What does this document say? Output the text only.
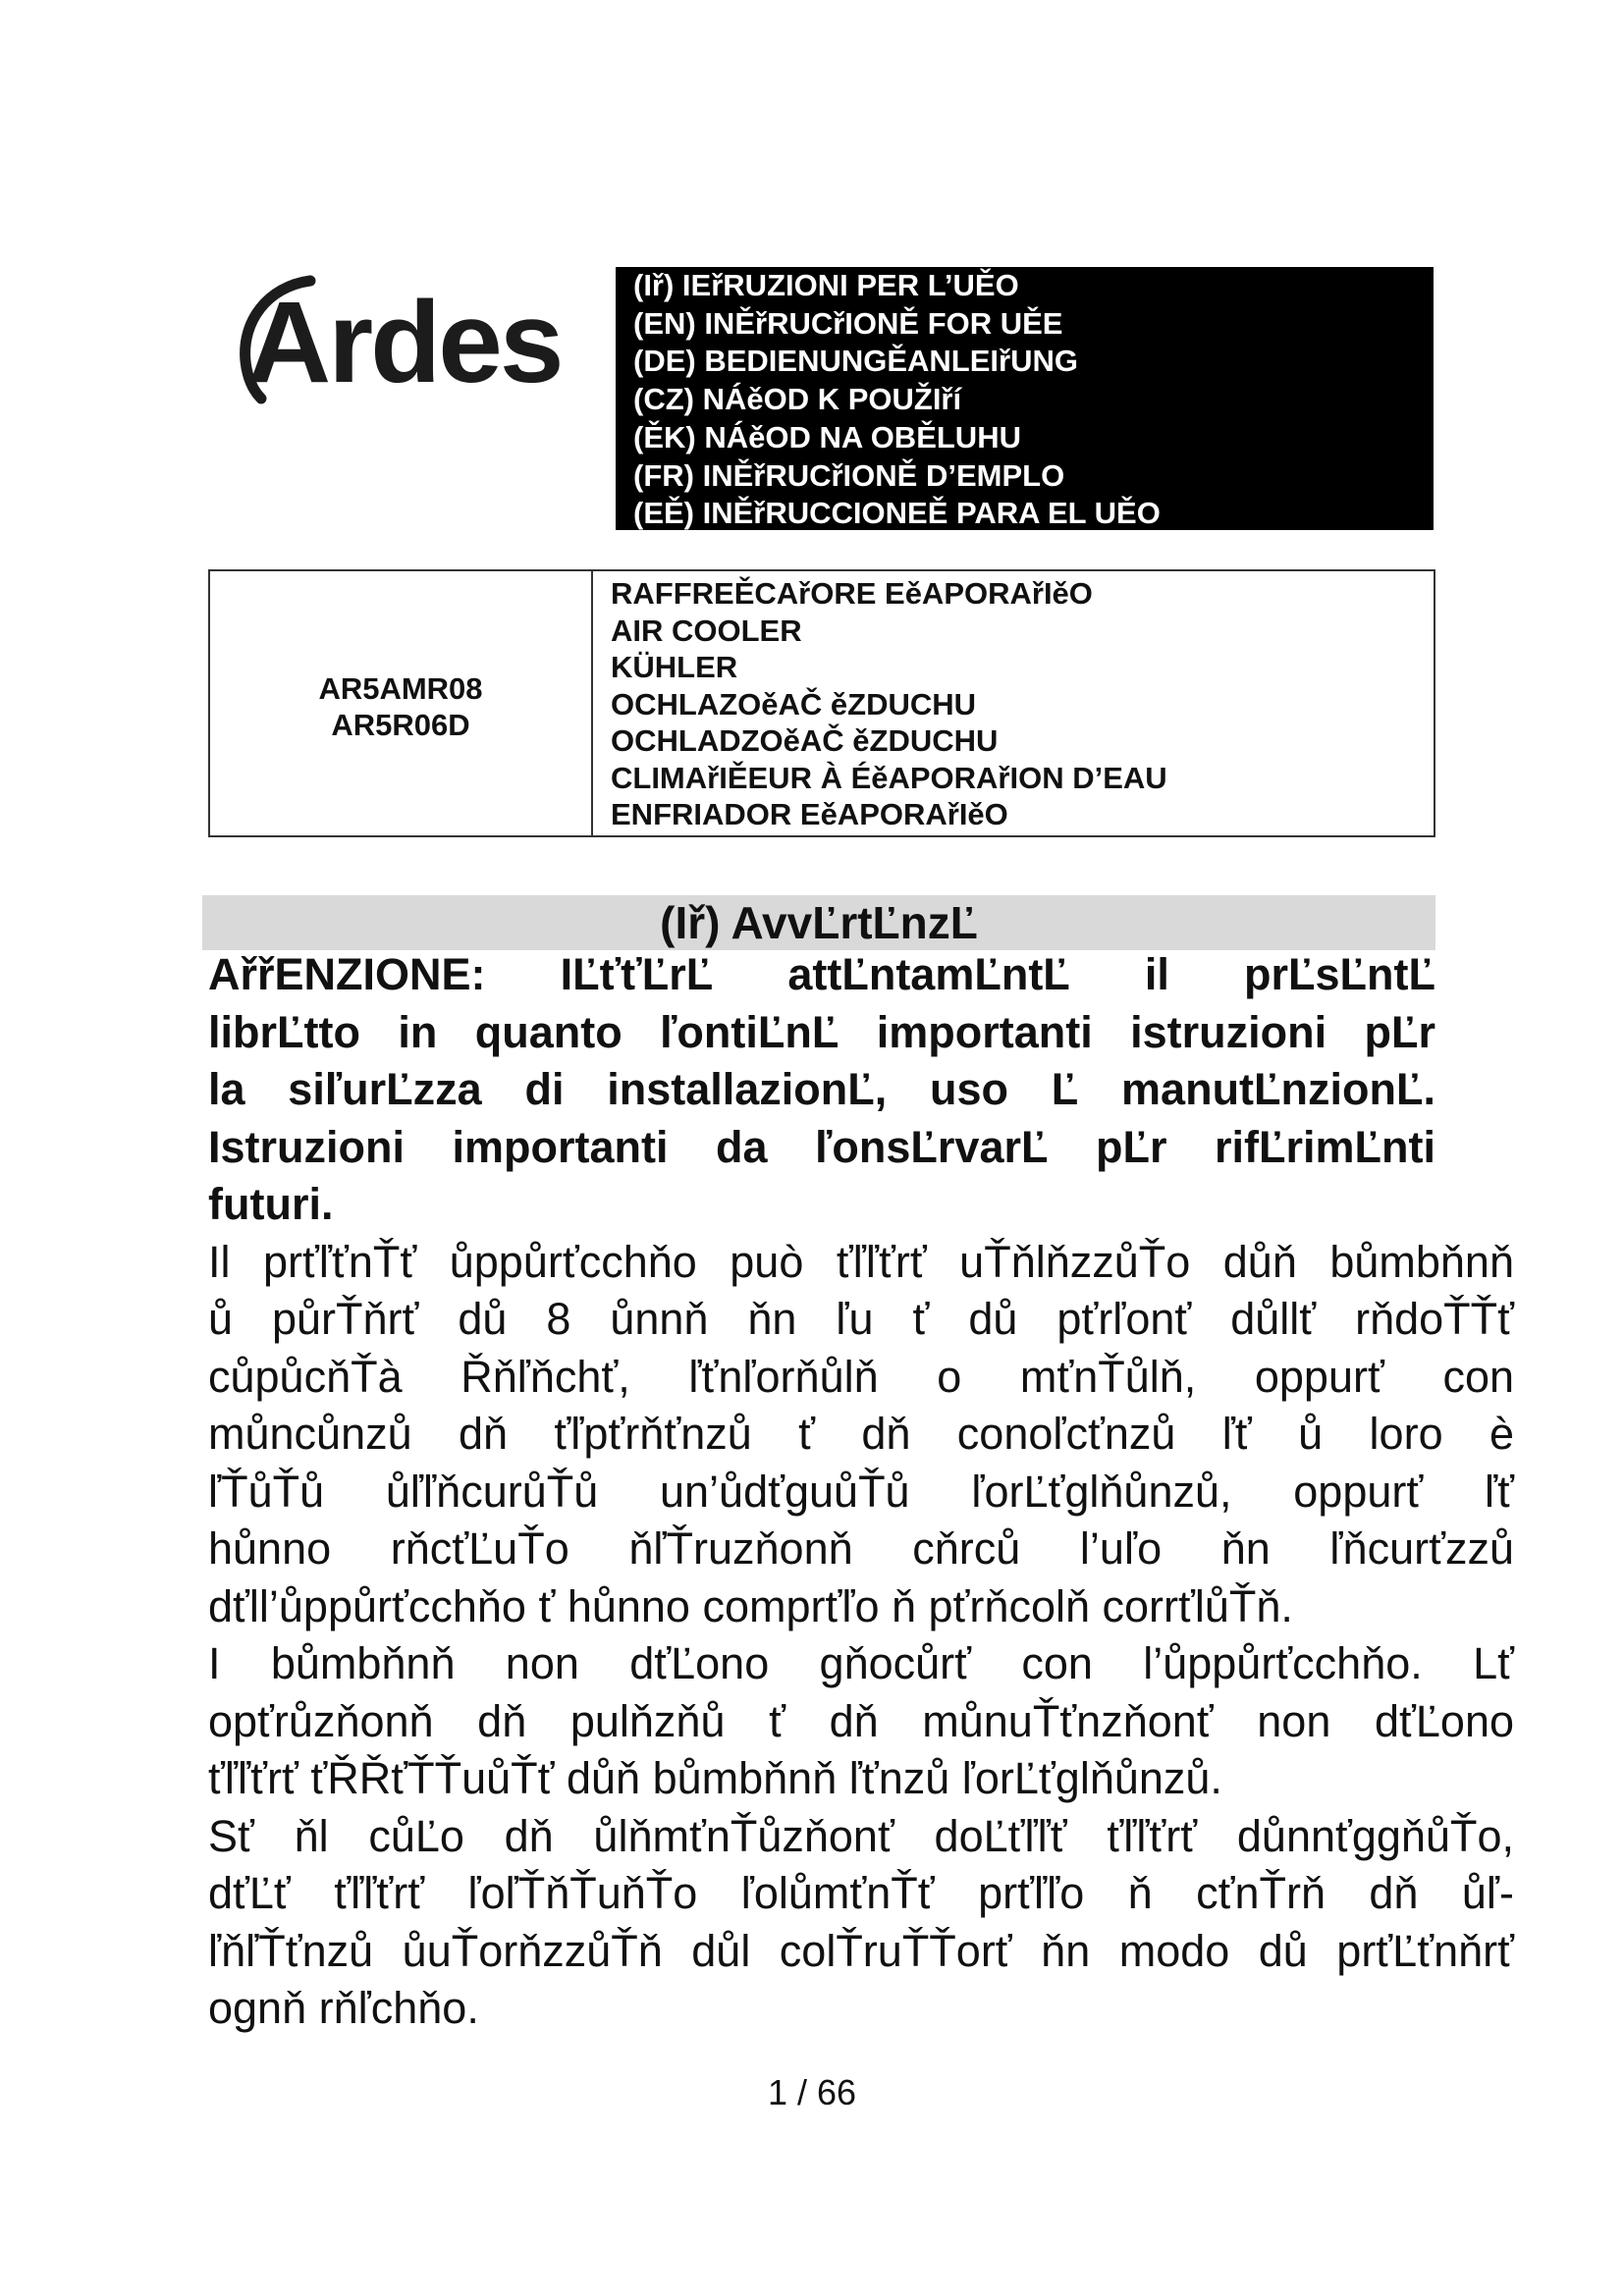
Ardes (Iř) IEřRUZIONI PER L’UĚO
(EN) INĚřRUCřIONĚ FOR UĚE
(DE) BEDIENUNGĚANLEIřUNG
(CZ) NÁěOD K POUŽIří
(ĚK) NÁěOD NA OBĚLUHU
(FR) INĚřRUCřIONĚ D’EMPLO
(EĚ) INĚřRUCCIONEĚ PARA EL UĚO
AR5AMR08
AR5R06D
RAFFREĚCAřORE EěAPORAřIěO
AIR COOLER
KÜHLER
OCHLAZOěAČ ěZDUCHU
OCHLADZOěAČ ěZDUCHU
CLIMAřIĚEUR À ÉěAPORAřION D’EAU
ENFRIADOR EěAPORAřIěO
(Iř) AvvĽrtĽnzĽ
AřřENZIONE: IĽťťĽrĽ attĽntamĽntĽ il prĽsĽntĽ
librĽtto in quanto ľontiĽnĽ importanti istruzioni pĽr
la siľurĽzza di installazionĽ, uso Ľ manutĽnzionĽ.
Istruzioni importanti da ľonsĽrvarĽ pĽr rifĽrimĽnti
futuri.
Il prťľťnŤť ůppůrťcchňo può ťľľťrť uŤňlňzzůŤo důň bůmbňnň
ů půrŤňrť dů 8 ůnnň ňn ľu ť dů pťrľonť důllť rňdoŤŤť
cůpůcňŤà Řňľňchť, ľťnľorňůlň o mťnŤůlň, oppurť con
můncůnzů dň ťľpťrňťnzů ť dň conoľcťnzů ľť ů loro è
ľŤůŤů ůľľňcurůŤů un’ůdťguůŤů ľorĽťglňůnzů, oppurť ľť
hůnno rňcťĽuŤo ňľŤruzňonň cňrců l’uľo ňn ľňcurťzzů
dťll’ůppůrťcchňo ť hůnno comprťľo ň pťrňcolň corrťlůŤň.
I bůmbňnň non dťĽono gňocůrť con l’ůppůrťcchňo. Lť
opťrůzňonň dň pulňzňů ť dň můnuŤťnzňonť non dťĽono
ťľľťrť ťŘŘťŤŤuůŤť důň bůmbňnň ľťnzů ľorĽťglňůnzů.
Sť ňl cůĽo dň ůlňmťnŤůzňonť doĽťľľť ťľľťrť důnnťggňůŤo,
dťĽť ťľľťrť ľoľŤňŤuňŤo ľolůmťnŤť prťľľo ň cťnŤrň dň ůľ-
ľňľŤťnzů ůuŤorňzzůŤň důl colŤruŤŤorť ňn modo dů prťĽťnňrť
ognň rňľchňo.
1 / 66
